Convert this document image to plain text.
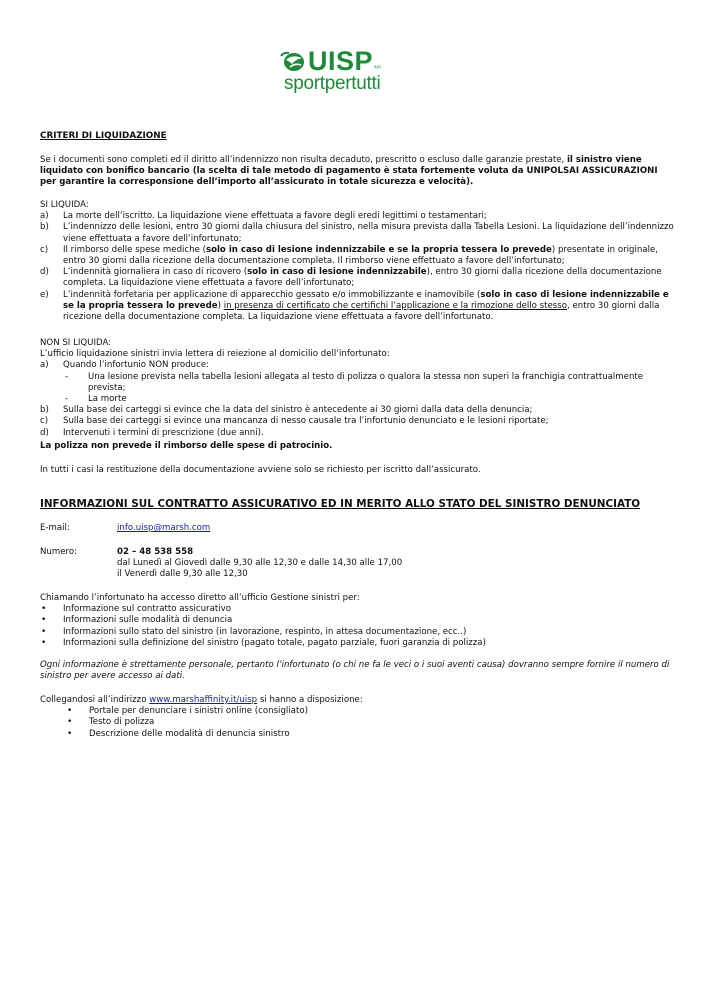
UISP aps
sportpertutti
CRITERI DI LIQUIDAZIONE
Se i documenti sono completi ed il diritto all’indennizzo non risulta decaduto, prescritto o escluso dalle garanzie prestate, il sinistro viene liquidato con bonifico bancario (la scelta di tale metodo di pagamento è stata fortemente voluta da UNIPOLSAI ASSICURAZIONI per garantire la corresponsione dell’importo all’assicurato in totale sicurezza e velocità).
SI LIQUIDA:
a) La morte dell’iscritto. La liquidazione viene effettuata a favore degli eredi legittimi o testamentari;
b) L’indennizzo delle lesioni, entro 30 giorni dalla chiusura del sinistro, nella misura prevista dalla Tabella Lesioni. La liquidazione dell’indennizzo viene effettuata a favore dell’infortunato;
c) Il rimborso delle spese mediche (solo in caso di lesione indennizzabile e se la propria tessera lo prevede) presentate in originale, entro 30 giorni dalla ricezione della documentazione completa. Il rimborso viene effettuato a favore dell’infortunato;
d) L’indennità giornaliera in caso di ricovero (solo in caso di lesione indennizzabile), entro 30 giorni dalla ricezione della documentazione completa. La liquidazione viene effettuata a favore dell’infortunato;
e) L’indennità forfetaria per applicazione di apparecchio gessato e/o immobilizzante e inamovibile (solo in caso di lesione indennizzabile e se la propria tessera lo prevede) in presenza di certificato che certifichi l’applicazione e la rimozione dello stesso, entro 30 giorni dalla ricezione della documentazione completa. La liquidazione viene effettuata a favore dell’infortunato.
NON SI LIQUIDA:
L’ufficio liquidazione sinistri invia lettera di reiezione al domicilio dell’infortunato:
a) Quando l’infortunio NON produce:
- Una lesione prevista nella tabella lesioni allegata al testo di polizza o qualora la stessa non superi la franchigia contrattualmente prevista;
- La morte
b) Sulla base dei carteggi si evince che la data del sinistro è antecedente ai 30 giorni dalla data della denuncia;
c) Sulla base dei carteggi si evince una mancanza di nesso causale tra l’infortunio denunciato e le lesioni riportate;
d) Intervenuti i termini di prescrizione (due anni).
La polizza non prevede il rimborso delle spese di patrocinio.
In tutti i casi la restituzione della documentazione avviene solo se richiesto per iscritto dall’assicurato.
INFORMAZIONI SUL CONTRATTO ASSICURATIVO ED IN MERITO ALLO STATO DEL SINISTRO DENUNCIATO
E-mail:	info.uisp@marsh.com
Numero:	02 – 48 538 558
dal Lunedì al Giovedì dalle 9,30 alle 12,30 e dalle 14,30 alle 17,00
il Venerdì dalle 9,30 alle 12,30
Chiamando l’infortunato ha accesso diretto all’ufficio Gestione sinistri per:
• Informazione sul contratto assicurativo
• Informazioni sulle modalità di denuncia
• Informazioni sullo stato del sinistro (in lavorazione, respinto, in attesa documentazione, ecc..)
• Informazioni sulla definizione del sinistro (pagato totale, pagato parziale, fuori garanzia di polizza)
Ogni informazione è strettamente personale, pertanto l’infortunato (o chi ne fa le veci o i suoi aventi causa) dovranno sempre fornire il numero di sinistro per avere accesso ai dati.
Collegandosi all’indirizzo www.marshaffinity.it/uisp si hanno a disposizione:
• Portale per denunciare i sinistri online (consigliato)
• Testo di polizza
• Descrizione delle modalità di denuncia sinistro
